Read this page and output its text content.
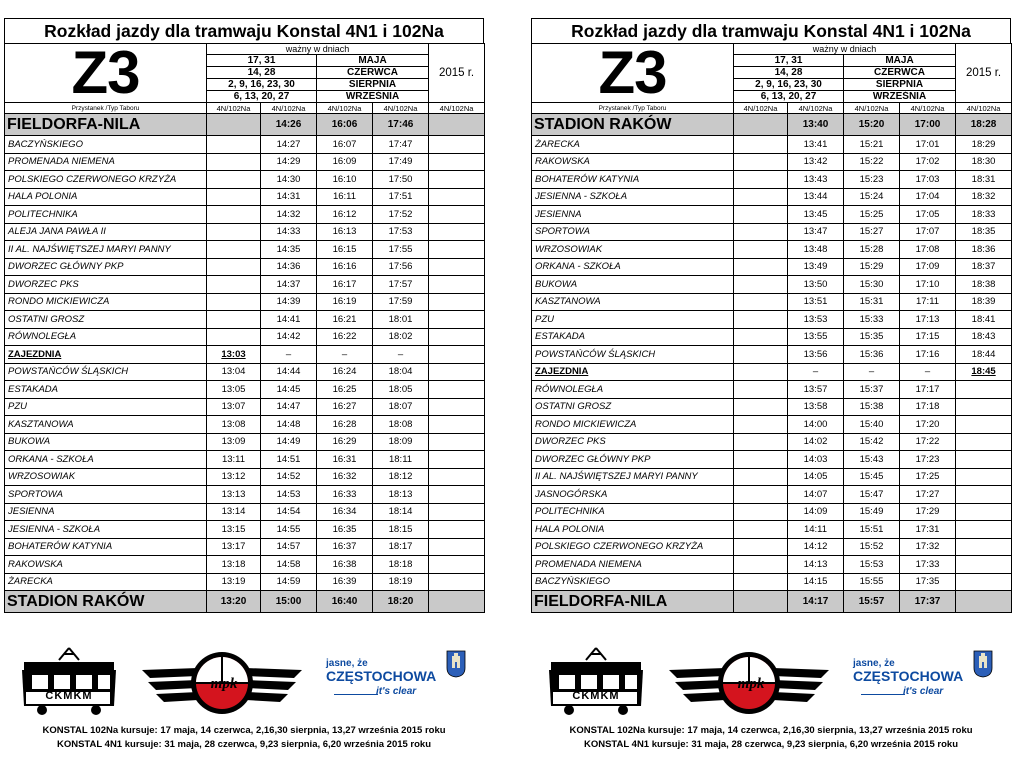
Rozkład jazdy dla tramwaju Konstal 4N1 i 102Na
Z3	ważny w dniach				2015 r.
	17, 31		MAJA		
	14, 28		CZERWCA		
	2, 9, 16, 23, 30		SIERPNIA		
	6, 13, 20, 27		WRZEŚNIA		
Przystanek /Typ Taboru	4N/102Na	4N/102Na	4N/102Na	4N/102Na	4N/102Na
FIELDORFA-NILA		14:26	16:06	17:46	
BACZYŃSKIEGO		14:27	16:07	17:47	
PROMENADA NIEMENA		14:29	16:09	17:49	
POLSKIEGO CZERWONEGO KRZYŻA		14:30	16:10	17:50	
HALA POLONIA		14:31	16:11	17:51	
POLITECHNIKA		14:32	16:12	17:52	
ALEJA JANA PAWŁA II		14:33	16:13	17:53	
II AL. NAJŚWIĘTSZEJ MARYI PANNY		14:35	16:15	17:55	
DWORZEC GŁÓWNY PKP		14:36	16:16	17:56	
DWORZEC PKS		14:37	16:17	17:57	
RONDO MICKIEWICZA		14:39	16:19	17:59	
OSTATNI GROSZ		14:41	16:21	18:01	
RÓWNOLEGŁA		14:42	16:22	18:02	
ZAJEZDNIA	13:03	–	–	–	
POWSTAŃCÓW ŚLĄSKICH	13:04	14:44	16:24	18:04	
ESTAKADA	13:05	14:45	16:25	18:05	
PZU	13:07	14:47	16:27	18:07	
KASZTANOWA	13:08	14:48	16:28	18:08	
BUKOWA	13:09	14:49	16:29	18:09	
ORKANA - SZKOŁA	13:11	14:51	16:31	18:11	
WRZOSOWIAK	13:12	14:52	16:32	18:12	
SPORTOWA	13:13	14:53	16:33	18:13	
JESIENNA	13:14	14:54	16:34	18:14	
JESIENNA - SZKOŁA	13:15	14:55	16:35	18:15	
BOHATERÓW KATYNIA	13:17	14:57	16:37	18:17	
RAKOWSKA	13:18	14:58	16:38	18:18	
ŻARECKA	13:19	14:59	16:39	18:19	
STADION RAKÓW	13:20	15:00	16:40	18:20	
CKMKM
mpk
jasne, że
CZĘSTOCHOWA
it's clear
KONSTAL 102Na kursuje: 17 maja, 14 czerwca, 2,16,30 sierpnia, 13,27 września 2015 roku
KONSTAL 4N1 kursuje: 31 maja, 28 czerwca, 9,23 sierpnia, 6,20 września 2015 roku
Rozkład jazdy dla tramwaju Konstal 4N1 i 102Na
Z3	ważny w dniach				2015 r.
	17, 31		MAJA		
	14, 28		CZERWCA		
	2, 9, 16, 23, 30		SIERPNIA		
	6, 13, 20, 27		WRZEŚNIA		
Przystanek /Typ Taboru	4N/102Na	4N/102Na	4N/102Na	4N/102Na	4N/102Na
STADION RAKÓW		13:40	15:20	17:00	18:28
ŻARECKA		13:41	15:21	17:01	18:29
RAKOWSKA		13:42	15:22	17:02	18:30
BOHATERÓW KATYNIA		13:43	15:23	17:03	18:31
JESIENNA - SZKOŁA		13:44	15:24	17:04	18:32
JESIENNA		13:45	15:25	17:05	18:33
SPORTOWA		13:47	15:27	17:07	18:35
WRZOSOWIAK		13:48	15:28	17:08	18:36
ORKANA - SZKOŁA		13:49	15:29	17:09	18:37
BUKOWA		13:50	15:30	17:10	18:38
KASZTANOWA		13:51	15:31	17:11	18:39
PZU		13:53	15:33	17:13	18:41
ESTAKADA		13:55	15:35	17:15	18:43
POWSTAŃCÓW ŚLĄSKICH		13:56	15:36	17:16	18:44
ZAJEZDNIA		–	–	–	18:45
RÓWNOLEGŁA		13:57	15:37	17:17	
OSTATNI GROSZ		13:58	15:38	17:18	
RONDO MICKIEWICZA		14:00	15:40	17:20	
DWORZEC PKS		14:02	15:42	17:22	
DWORZEC GŁÓWNY PKP		14:03	15:43	17:23	
II AL. NAJŚWIĘTSZEJ MARYI PANNY		14:05	15:45	17:25	
JASNOGÓRSKA		14:07	15:47	17:27	
POLITECHNIKA		14:09	15:49	17:29	
HALA POLONIA		14:11	15:51	17:31	
POLSKIEGO CZERWONEGO KRZYŻA		14:12	15:52	17:32	
PROMENADA NIEMENA		14:13	15:53	17:33	
BACZYŃSKIEGO		14:15	15:55	17:35	
FIELDORFA-NILA		14:17	15:57	17:37	
CKMKM
mpk
jasne, że
CZĘSTOCHOWA
it's clear
KONSTAL 102Na kursuje: 17 maja, 14 czerwca, 2,16,30 sierpnia, 13,27 września 2015 roku
KONSTAL 4N1 kursuje: 31 maja, 28 czerwca, 9,23 sierpnia, 6,20 września 2015 roku
